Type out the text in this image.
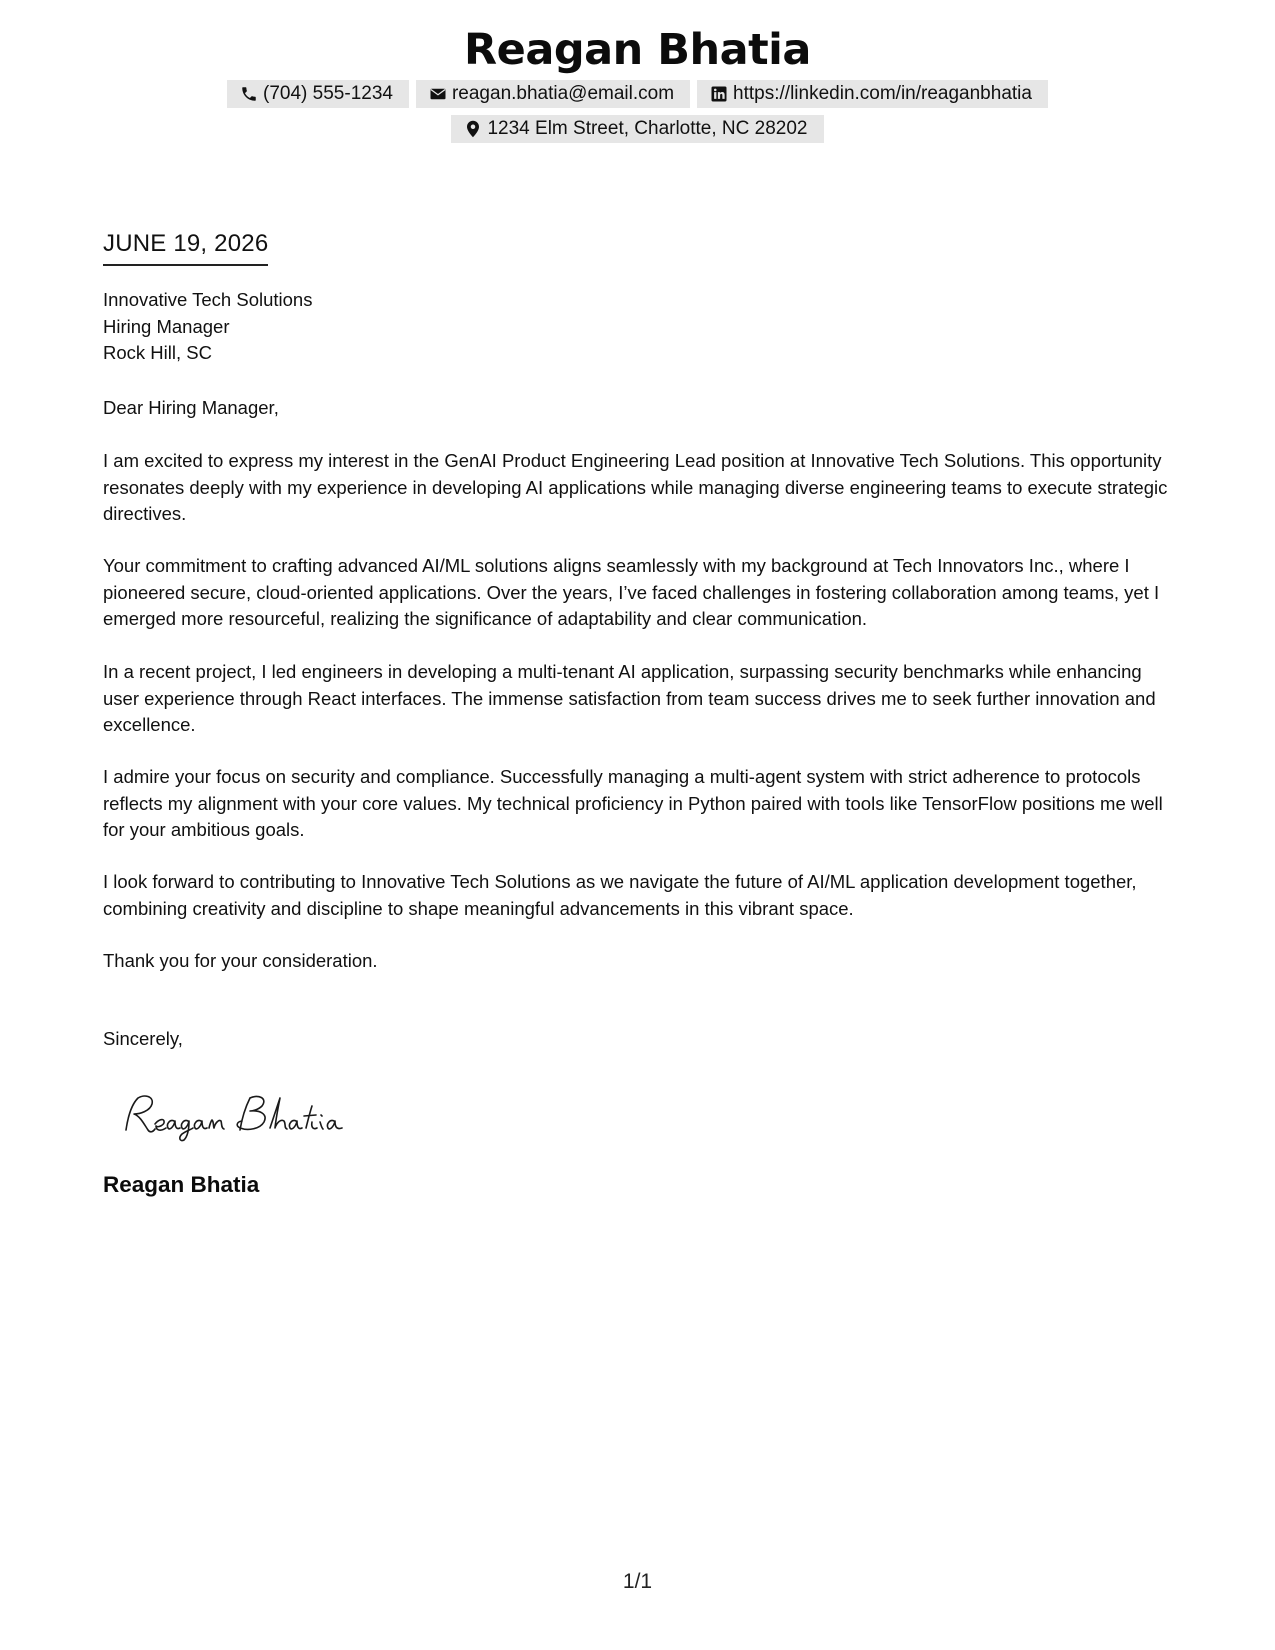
Reagan Bhatia
(704) 555-1234	reagan.bhatia@email.com	https://linkedin.com/in/reaganbhatia
1234 Elm Street, Charlotte, NC 28202
JUNE 19, 2026
Innovative Tech Solutions
Hiring Manager
Rock Hill, SC
Dear Hiring Manager,
I am excited to express my interest in the GenAI Product Engineering Lead position at Innovative Tech Solutions. This opportunity resonates deeply with my experience in developing AI applications while managing diverse engineering teams to execute strategic directives.
Your commitment to crafting advanced AI/ML solutions aligns seamlessly with my background at Tech Innovators Inc., where I pioneered secure, cloud-oriented applications. Over the years, I’ve faced challenges in fostering collaboration among teams, yet I emerged more resourceful, realizing the significance of adaptability and clear communication.
In a recent project, I led engineers in developing a multi-tenant AI application, surpassing security benchmarks while enhancing user experience through React interfaces. The immense satisfaction from team success drives me to seek further innovation and excellence.
I admire your focus on security and compliance. Successfully managing a multi-agent system with strict adherence to protocols reflects my alignment with your core values. My technical proficiency in Python paired with tools like TensorFlow positions me well for your ambitious goals.
I look forward to contributing to Innovative Tech Solutions as we navigate the future of AI/ML application development together, combining creativity and discipline to shape meaningful advancements in this vibrant space.
Thank you for your consideration.
Sincerely,
Reagan Bhatia
1/1
